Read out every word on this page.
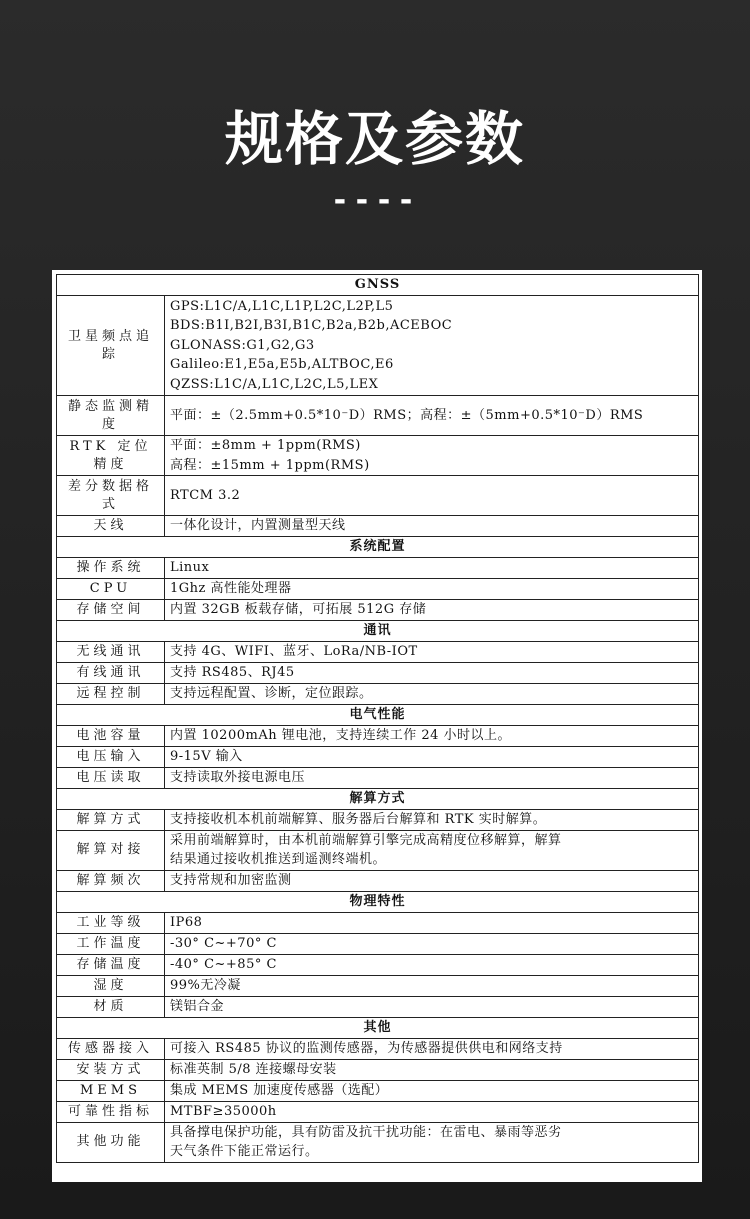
规格及参数
----
GNSS	
卫星频点追踪	GPS:L1C/A,L1C,L1P,L2C,L2P,L5
BDS:B1I,B2I,B3I,B1C,B2a,B2b,ACEBOC
GLONASS:G1,G2,G3
Galileo:E1,E5a,E5b,ALTBOC,E6
QZSS:L1C/A,L1C,L2C,L5,LEX

静态监测精度	平面：±（2.5mm+0.5*10⁻D）RMS；高程：±（5mm+0.5*10⁻D）RMS

RTK 定位精度	平面：±8mm + 1ppm(RMS)
高程：±15mm + 1ppm(RMS)

差分数据格式	RTCM 3.2

天线	一体化设计，内置测量型天线

系统配置	
操作系统	Linux

CPU	1Ghz 高性能处理器

存储空间	内置 32GB 板载存储，可拓展 512G 存储

通讯	
无线通讯	支持 4G、WIFI、蓝牙、LoRa/NB-IOT

有线通讯	支持 RS485、RJ45

远程控制	支持远程配置、诊断，定位跟踪。

电气性能	
电池容量	内置 10200mAh 锂电池，支持连续工作 24 小时以上。

电压输入	9-15V 输入

电压读取	支持读取外接电源电压

解算方式	
解算方式	支持接收机本机前端解算、服务器后台解算和 RTK 实时解算。

解算对接	采用前端解算时，由本机前端解算引擎完成高精度位移解算，解算
结果通过接收机推送到遥测终端机。

解算频次	支持常规和加密监测

物理特性	
工业等级	IP68

工作温度	-30° C~+70° C

存储温度	-40° C~+85° C

湿度	99%无冷凝

材质	镁铝合金

其他	
传感器接入	可接入 RS485 协议的监测传感器，为传感器提供供电和网络支持

安装方式	标准英制 5/8 连接螺母安装

MEMS	集成 MEMS 加速度传感器（选配）

可靠性指标	MTBF≥35000h

其他功能	具备撑电保护功能，具有防雷及抗干扰功能：在雷电、暴雨等恶劣
天气条件下能正常运行。
